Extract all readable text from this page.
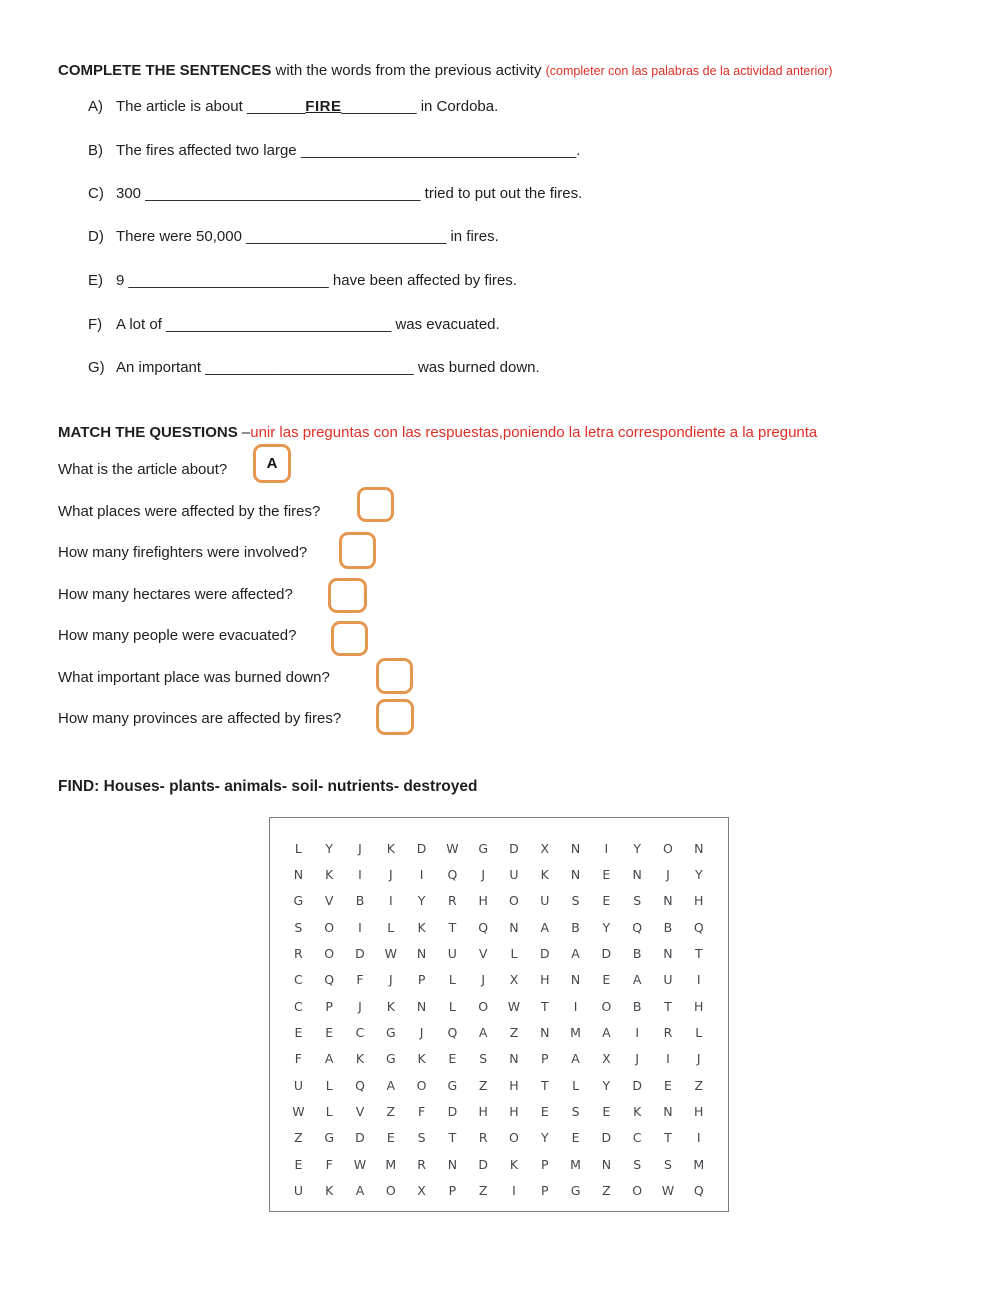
COMPLETE THE SENTENCES with the words from the previous activity (completer con las palabras de la actividad anterior)
A) The article is about _______FIRE_________ in Cordoba.
B) The fires affected two large _________________________________.
C) 300 _________________________________ tried to put out the fires.
D) There were 50,000 ________________________ in fires.
E) 9 ________________________ have been affected by fires.
F) A lot of ___________________________ was evacuated.
G) An important _________________________ was burned down.
MATCH THE QUESTIONS –unir las preguntas con las respuestas,poniendo la letra correspondiente a la pregunta
What is the article about?
What places were affected by the fires?
How many firefighters were involved?
How many hectares were affected?
How many people were evacuated?
What important place was burned down?
How many provinces are affected by fires?
A
FIND: Houses- plants- animals- soil- nutrients- destroyed
L	Y	J	K	D	W	G	D	X	N	I	Y	O	N
N	K	I	J	I	Q	J	U	K	N	E	N	J	Y
G	V	B	I	Y	R	H	O	U	S	E	S	N	H
S	O	I	L	K	T	Q	N	A	B	Y	Q	B	Q
R	O	D	W	N	U	V	L	D	A	D	B	N	T
C	Q	F	J	P	L	J	X	H	N	E	A	U	I
C	P	J	K	N	L	O	W	T	I	O	B	T	H
E	E	C	G	J	Q	A	Z	N	M	A	I	R	L
F	A	K	G	K	E	S	N	P	A	X	J	I	J
U	L	Q	A	O	G	Z	H	T	L	Y	D	E	Z
W	L	V	Z	F	D	H	H	E	S	E	K	N	H
Z	G	D	E	S	T	R	O	Y	E	D	C	T	I
E	F	W	M	R	N	D	K	P	M	N	S	S	M
U	K	A	O	X	P	Z	I	P	G	Z	O	W	Q
